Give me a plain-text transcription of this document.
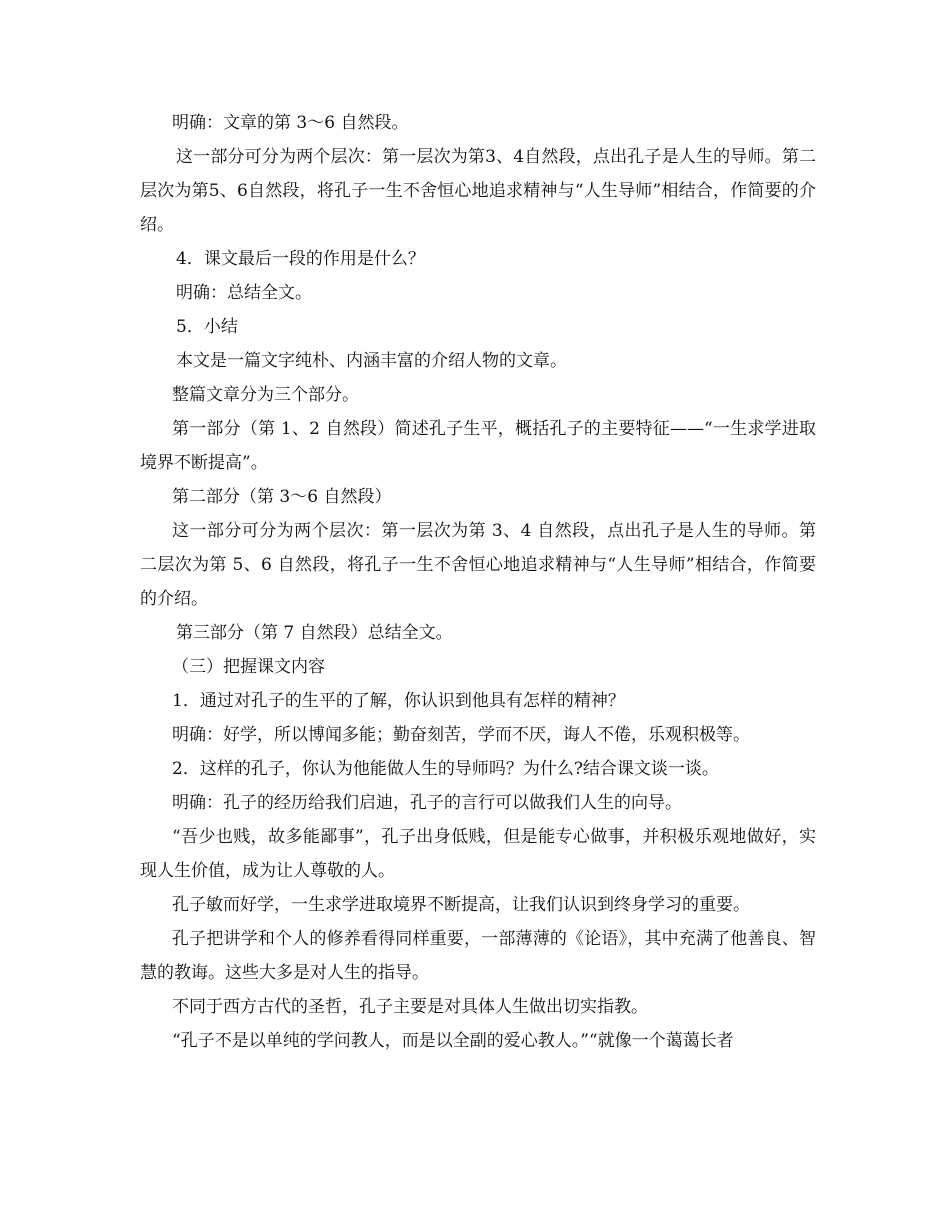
明确：文章的第 3～6 自然段。

这一部分可分为两个层次：第一层次为第3、4自然段，点出孔子是人生的导师。第二层次为第5、6自然段，将孔子一生不舍恒心地追求精神与“人生导师”相结合，作简要的介绍。

4．课文最后一段的作用是什么？

明确：总结全文。

5．小结

本文是一篇文字纯朴、内涵丰富的介绍人物的文章。

整篇文章分为三个部分。

第一部分（第 1、2 自然段）简述孔子生平，概括孔子的主要特征——“一生求学进取境界不断提高”。

第二部分（第 3～6 自然段）

这一部分可分为两个层次：第一层次为第 3、4 自然段，点出孔子是人生的导师。第二层次为第 5、6 自然段，将孔子一生不舍恒心地追求精神与“人生导师”相结合，作简要的介绍。

第三部分（第 7 自然段）总结全文。

（三）把握课文内容

1．通过对孔子的生平的了解，你认识到他具有怎样的精神？

明确：好学，所以博闻多能；勤奋刻苦，学而不厌，诲人不倦，乐观积极等。

2．这样的孔子，你认为他能做人生的导师吗？为什么?结合课文谈一谈。

明确：孔子的经历给我们启迪，孔子的言行可以做我们人生的向导。

“吾少也贱，故多能鄙事”，孔子出身低贱，但是能专心做事，并积极乐观地做好，实现人生价值，成为让人尊敬的人。

孔子敏而好学，一生求学进取境界不断提高，让我们认识到终身学习的重要。

孔子把讲学和个人的修养看得同样重要，一部薄薄的《论语》，其中充满了他善良、智慧的教诲。这些大多是对人生的指导。

不同于西方古代的圣哲，孔子主要是对具体人生做出切实指教。

“孔子不是以单纯的学问教人，而是以全副的爱心教人。”“就像一个蔼蔼长者
